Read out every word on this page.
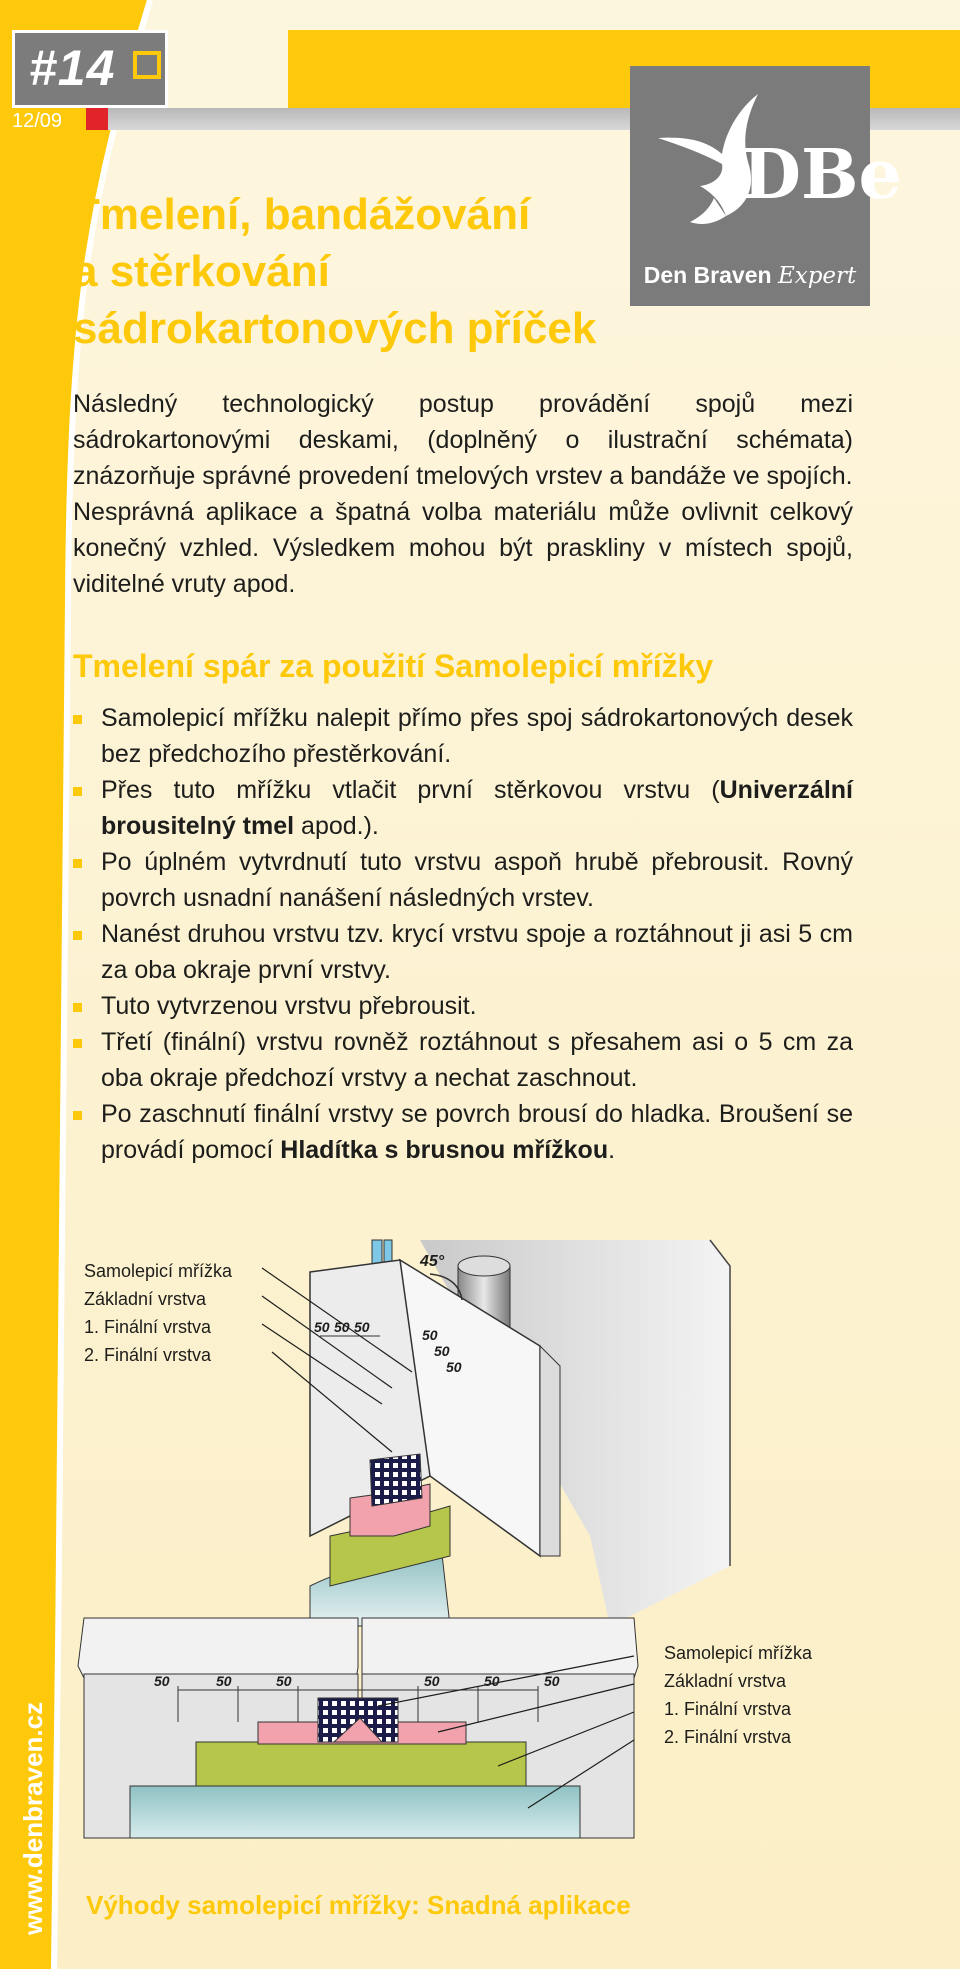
#14
12/09
DBe
Den Braven Expert
Tmelení, bandážování
a stěrkování
sádrokartonových příček

Následný technologický postup provádění spojů mezi sádrokartonovými deskami, (doplněný o ilustrační schémata) znázorňuje správné provedení tmelových vrstev a bandáže ve spojích.

Nesprávná aplikace a špatná volba materiálu může ovlivnit celkový konečný vzhled. Výsledkem mohou být praskliny v místech spojů, viditelné vruty apod.

Tmelení spár za použití Samolepicí mřížky
Samolepicí mřížku nalepit přímo přes spoj sádrokartonových desek bez předchozího přestěrkování.
Přes tuto mřížku vtlačit první stěrkovou vrstvu (Univerzální brousitelný tmel apod.).
Po úplném vytvrdnutí tuto vrstvu aspoň hrubě přebrousit. Rovný povrch usnadní nanášení následných vrstev.
Nanést druhou vrstvu tzv. krycí vrstvu spoje a roztáhnout ji asi 5 cm za oba okraje první vrstvy.
Tuto vytvrzenou vrstvu přebrousit.
Třetí (finální) vrstvu rovněž roztáhnout s přesahem asi o 5 cm za oba okraje předchozí vrstvy a nechat zaschnout.
Po zaschnutí finální vrstvy se povrch brousí do hladka. Broušení se provádí pomocí Hladítka s brusnou mřížkou.
Samolepicí mřížka
Základní vrstva
1. Finální vrstva
2. Finální vrstva
45°
50 50 50	50
50
50
50	50	50	50	50	50
Samolepicí mřížka
Základní vrstva
1. Finální vrstva
2. Finální vrstva
Výhody samolepicí mřížky: Snadná aplikace
www.denbraven.cz
